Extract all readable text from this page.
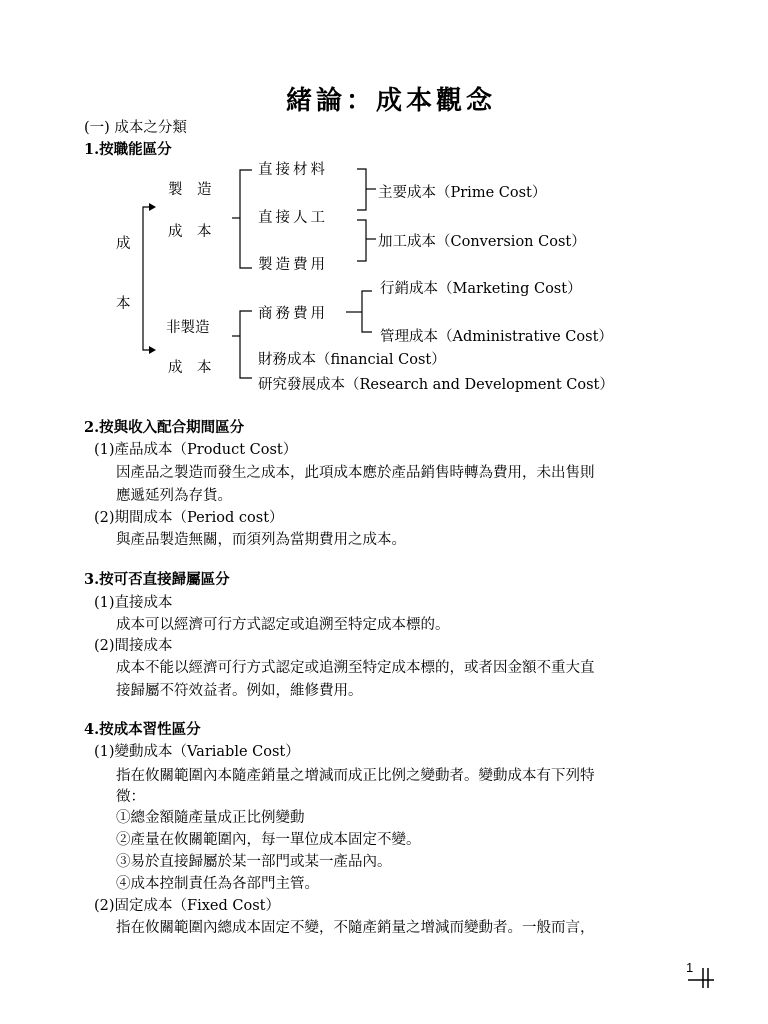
緒論：成本觀念
(一) 成本之分類
1.按職能區分
成
本
製　造
成　本
非製造
成　本
直接材料
直接人工
製造費用
主要成本（Prime Cost）
加工成本（Conversion Cost）
商務費用
行銷成本（Marketing Cost）
管理成本（Administrative Cost）
財務成本（financial Cost）
研究發展成本（Research and Development Cost）
2.按與收入配合期間區分
(1)產品成本（Product Cost）
因產品之製造而發生之成本，此項成本應於產品銷售時轉為費用，未出售則
應遞延列為存貨。
(2)期間成本（Period cost）
與產品製造無關，而須列為當期費用之成本。
3.按可否直接歸屬區分
(1)直接成本
成本可以經濟可行方式認定或追溯至特定成本標的。
(2)間接成本
成本不能以經濟可行方式認定或追溯至特定成本標的，或者因金額不重大直
接歸屬不符效益者。例如，維修費用。
4.按成本習性區分
(1)變動成本（Variable Cost）
指在攸關範圍內本隨產銷量之增減而成正比例之變動者。變動成本有下列特
徵：
①總金額隨產量成正比例變動
②產量在攸關範圍內，每一單位成本固定不變。
③易於直接歸屬於某一部門或某一產品內。
④成本控制責任為各部門主管。
(2)固定成本（Fixed Cost）
指在攸關範圍內總成本固定不變，不隨產銷量之增減而變動者。一般而言，
1
